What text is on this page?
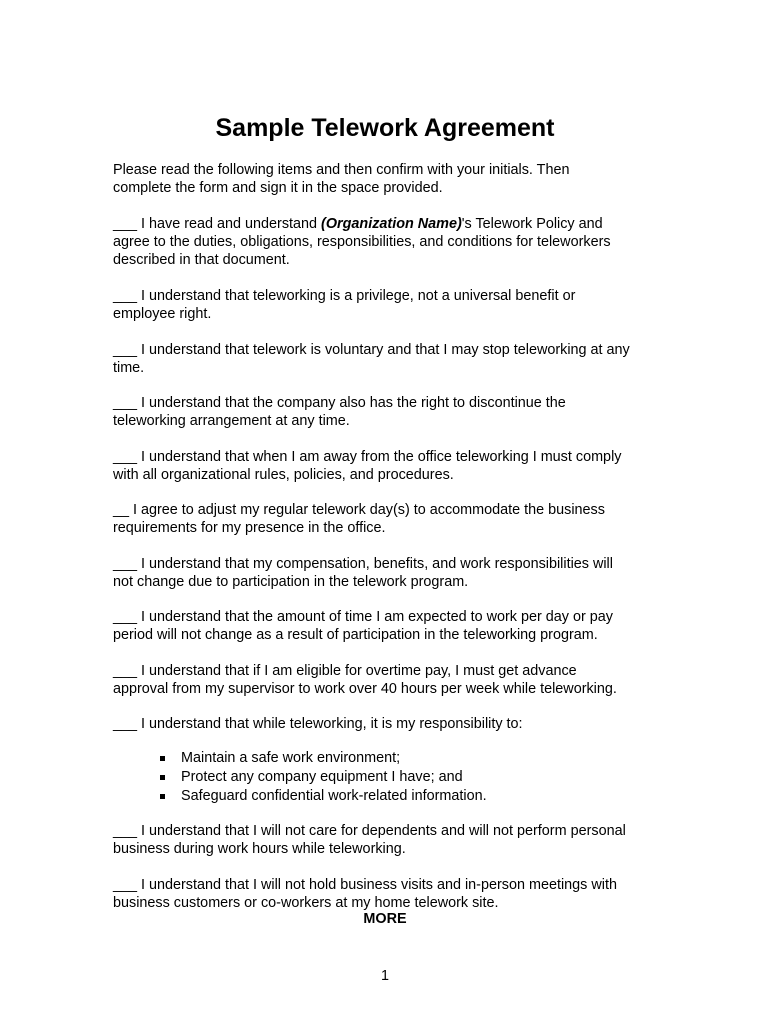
Sample Telework Agreement
Please read the following items and then confirm with your initials. Then
complete the form and sign it in the space provided.
___ I have read and understand (Organization Name)'s Telework Policy and
agree to the duties, obligations, responsibilities, and conditions for teleworkers
described in that document.
___ I understand that teleworking is a privilege, not a universal benefit or
employee right.
___ I understand that telework is voluntary and that I may stop teleworking at any
time.
___ I understand that the company also has the right to discontinue the
teleworking arrangement at any time.
___ I understand that when I am away from the office teleworking I must comply
with all organizational rules, policies, and procedures.
__ I agree to adjust my regular telework day(s) to accommodate the business
requirements for my presence in the office.
___ I understand that my compensation, benefits, and work responsibilities will
not change due to participation in the telework program.
___ I understand that the amount of time I am expected to work per day or pay
period will not change as a result of participation in the teleworking program.
___ I understand that if I am eligible for overtime pay, I must get advance
approval from my supervisor to work over 40 hours per week while teleworking.
___ I understand that while teleworking, it is my responsibility to:
Maintain a safe work environment;
Protect any company equipment I have; and
Safeguard confidential work-related information.
___ I understand that I will not care for dependents and will not perform personal
business during work hours while teleworking.
___ I understand that I will not hold business visits and in-person meetings with
business customers or co-workers at my home telework site.
MORE
1
